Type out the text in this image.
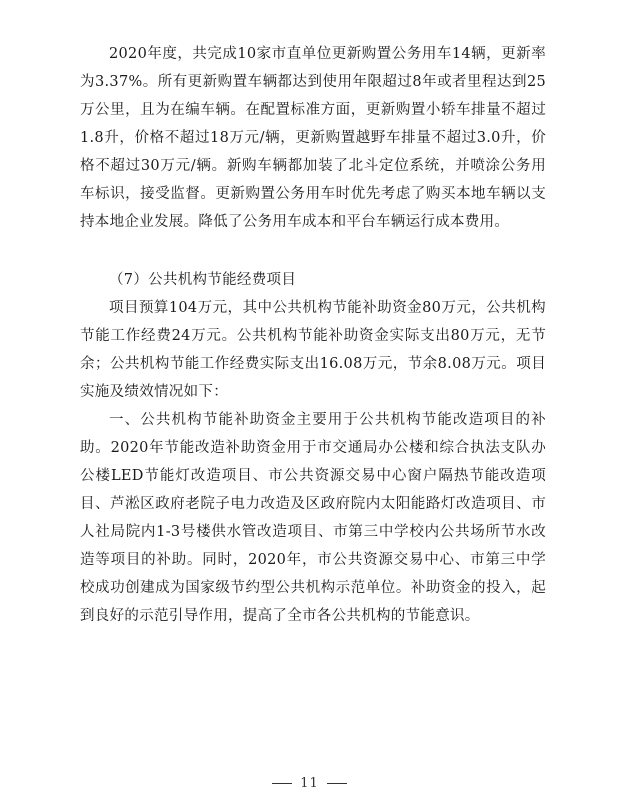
2020年度，共完成10家市直单位更新购置公务用车14辆，更新率为3.37%。所有更新购置车辆都达到使用年限超过8年或者里程达到25万公里，且为在编车辆。在配置标准方面，更新购置小轿车排量不超过1.8升，价格不超过18万元/辆，更新购置越野车排量不超过3.0升，价格不超过30万元/辆。新购车辆都加装了北斗定位系统，并喷涂公务用车标识，接受监督。更新购置公务用车时优先考虑了购买本地车辆以支持本地企业发展。降低了公务用车成本和平台车辆运行成本费用。

（7）公共机构节能经费项目

项目预算104万元，其中公共机构节能补助资金80万元，公共机构节能工作经费24万元。公共机构节能补助资金实际支出80万元，无节余；公共机构节能工作经费实际支出16.08万元，节余8.08万元。项目实施及绩效情况如下：

一、公共机构节能补助资金主要用于公共机构节能改造项目的补助。2020年节能改造补助资金用于市交通局办公楼和综合执法支队办公楼LED节能灯改造项目、市公共资源交易中心窗户隔热节能改造项目、芦淞区政府老院子电力改造及区政府院内太阳能路灯改造项目、市人社局院内1-3号楼供水管改造项目、市第三中学校内公共场所节水改造等项目的补助。同时，2020年，市公共资源交易中心、市第三中学校成功创建成为国家级节约型公共机构示范单位。补助资金的投入，起到良好的示范引导作用，提高了全市各公共机构的节能意识。

11
